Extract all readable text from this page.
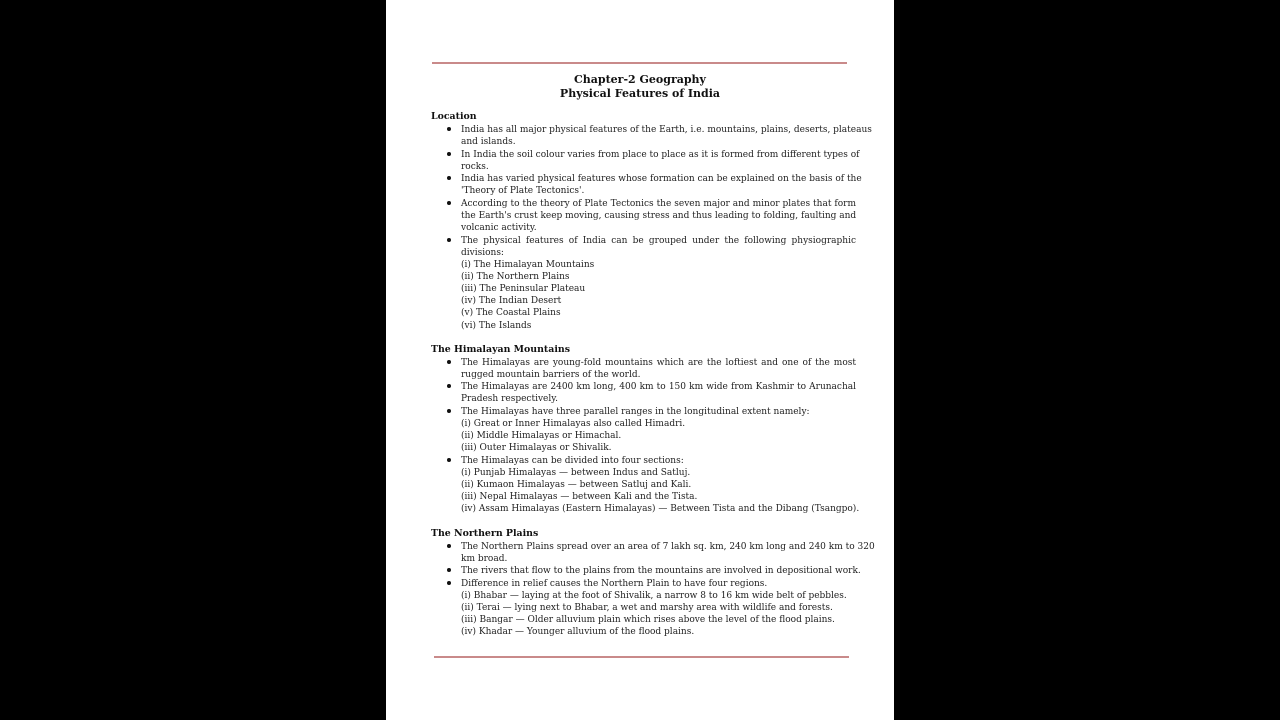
Chapter-2 Geography
Physical Features of India
Location
India has all major physical features of the Earth, i.e. mountains, plains, deserts, plateaus
and islands.
In India the soil colour varies from place to place as it is formed from different types of
rocks.
India has varied physical features whose formation can be explained on the basis of the
'Theory of Plate Tectonics'.
According to the theory of Plate Tectonics the seven major and minor plates that form
the Earth's crust keep moving, causing stress and thus leading to folding, faulting and
volcanic activity.
The physical features of India can be grouped under the following physiographic
divisions:
(i) The Himalayan Mountains
(ii) The Northern Plains
(iii) The Peninsular Plateau
(iv) The Indian Desert
(v) The Coastal Plains
(vi) The Islands
The Himalayan Mountains
The Himalayas are young-fold mountains which are the loftiest and one of the most
rugged mountain barriers of the world.
The Himalayas are 2400 km long, 400 km to 150 km wide from Kashmir to Arunachal
Pradesh respectively.
The Himalayas have three parallel ranges in the longitudinal extent namely:
(i) Great or Inner Himalayas also called Himadri.
(ii) Middle Himalayas or Himachal.
(iii) Outer Himalayas or Shivalik.
The Himalayas can be divided into four sections:
(i) Punjab Himalayas — between Indus and Satluj.
(ii) Kumaon Himalayas — between Satluj and Kali.
(iii) Nepal Himalayas — between Kali and the Tista.
(iv) Assam Himalayas (Eastern Himalayas) — Between Tista and the Dibang (Tsangpo).
The Northern Plains
The Northern Plains spread over an area of 7 lakh sq. km, 240 km long and 240 km to 320
km broad.
The rivers that flow to the plains from the mountains are involved in depositional work.
Difference in relief causes the Northern Plain to have four regions.
(i) Bhabar — laying at the foot of Shivalik, a narrow 8 to 16 km wide belt of pebbles.
(ii) Terai — lying next to Bhabar, a wet and marshy area with wildlife and forests.
(iii) Bangar — Older alluvium plain which rises above the level of the flood plains.
(iv) Khadar — Younger alluvium of the flood plains.
